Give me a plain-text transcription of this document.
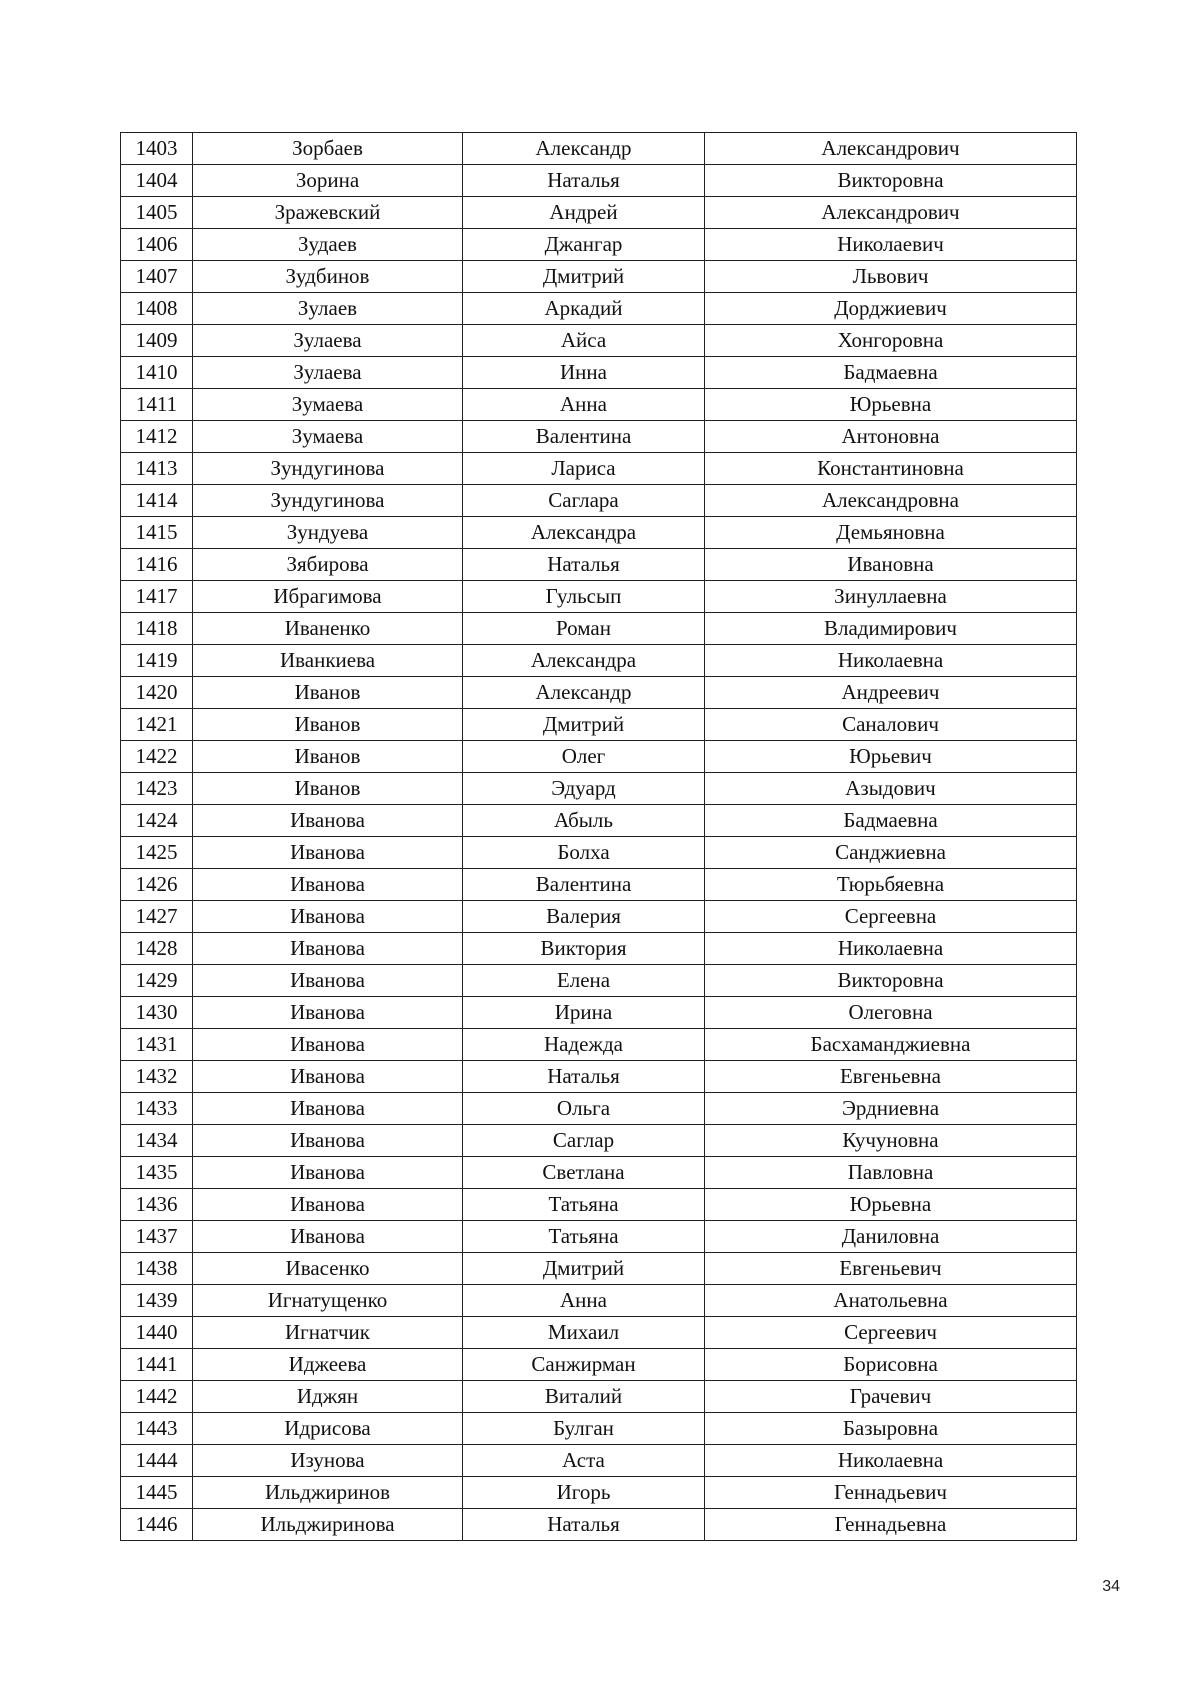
1403	Зорбаев	Александр	Александрович
1404	Зорина	Наталья	Викторовна
1405	Зражевский	Андрей	Александрович
1406	Зудаев	Джангар	Николаевич
1407	Зудбинов	Дмитрий	Львович
1408	Зулаев	Аркадий	Дорджиевич
1409	Зулаева	Айса	Хонгоровна
1410	Зулаева	Инна	Бадмаевна
1411	Зумаева	Анна	Юрьевна
1412	Зумаева	Валентина	Антоновна
1413	Зундугинова	Лариса	Константиновна
1414	Зундугинова	Саглара	Александровна
1415	Зундуева	Александра	Демьяновна
1416	Зябирова	Наталья	Ивановна
1417	Ибрагимова	Гульсып	Зинуллаевна
1418	Иваненко	Роман	Владимирович
1419	Иванкиева	Александра	Николаевна
1420	Иванов	Александр	Андреевич
1421	Иванов	Дмитрий	Саналович
1422	Иванов	Олег	Юрьевич
1423	Иванов	Эдуард	Азыдович
1424	Иванова	Абыль	Бадмаевна
1425	Иванова	Болха	Санджиевна
1426	Иванова	Валентина	Тюрьбяевна
1427	Иванова	Валерия	Сергеевна
1428	Иванова	Виктория	Николаевна
1429	Иванова	Елена	Викторовна
1430	Иванова	Ирина	Олеговна
1431	Иванова	Надежда	Басхаманджиевна
1432	Иванова	Наталья	Евгеньевна
1433	Иванова	Ольга	Эрдниевна
1434	Иванова	Саглар	Кучуновна
1435	Иванова	Светлана	Павловна
1436	Иванова	Татьяна	Юрьевна
1437	Иванова	Татьяна	Даниловна
1438	Ивасенко	Дмитрий	Евгеньевич
1439	Игнатущенко	Анна	Анатольевна
1440	Игнатчик	Михаил	Сергеевич
1441	Иджеева	Санжирман	Борисовна
1442	Иджян	Виталий	Грачевич
1443	Идрисова	Булган	Базыровна
1444	Изунова	Аста	Николаевна
1445	Ильджиринов	Игорь	Геннадьевич
1446	Ильджиринова	Наталья	Геннадьевна
34
